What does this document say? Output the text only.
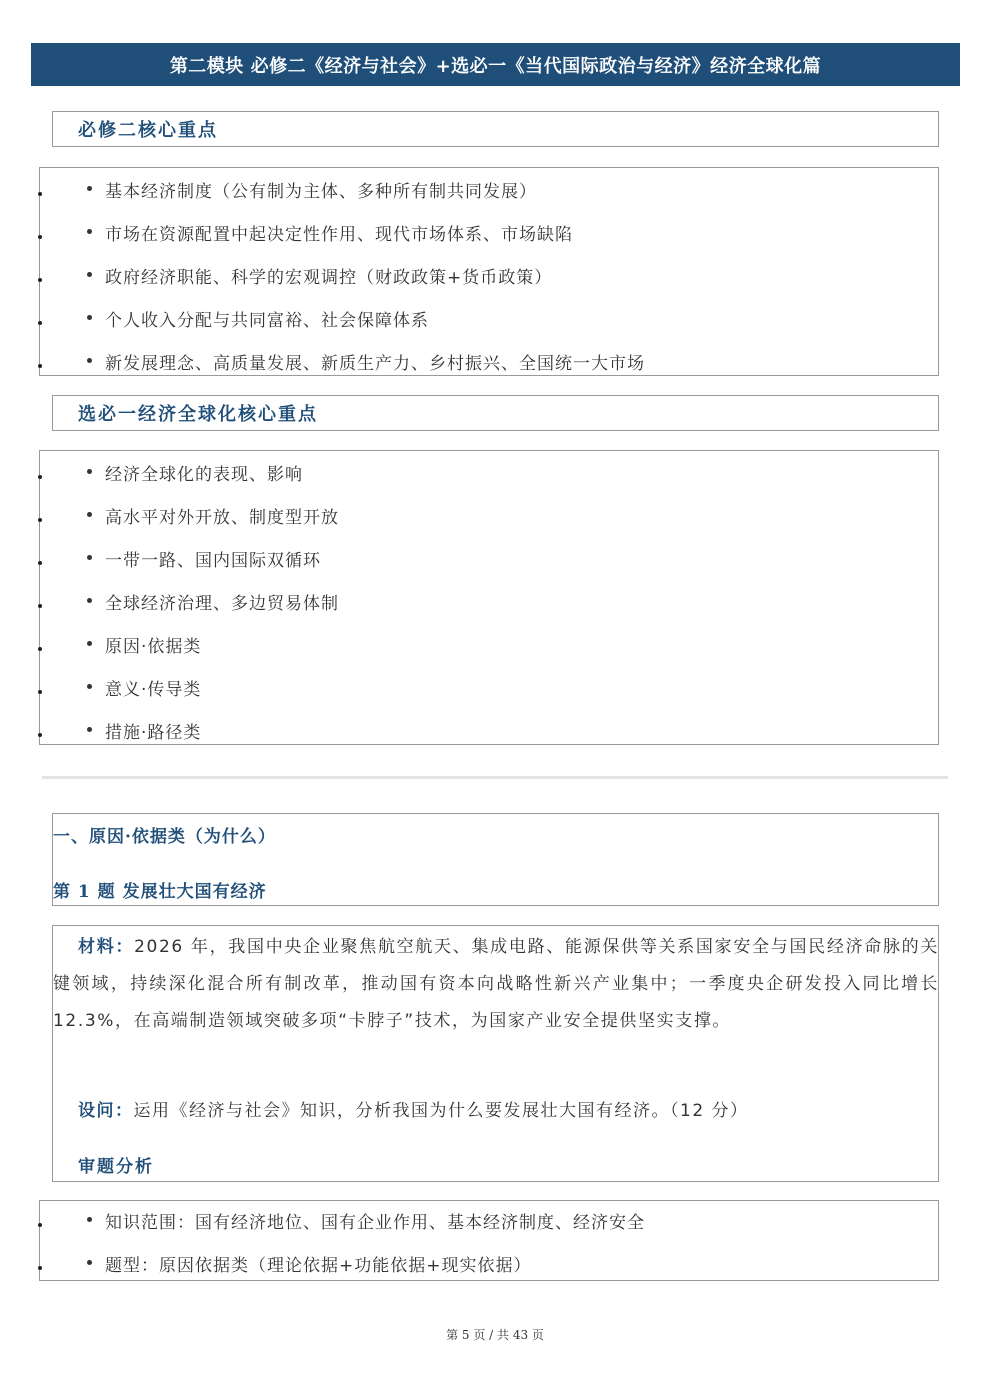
第二模块 必修二《经济与社会》+选必一《当代国际政治与经济》经济全球化篇
必修二核心重点
基本经济制度（公有制为主体、多种所有制共同发展）
市场在资源配置中起决定性作用、现代市场体系、市场缺陷
政府经济职能、科学的宏观调控（财政政策+货币政策）
个人收入分配与共同富裕、社会保障体系
新发展理念、高质量发展、新质生产力、乡村振兴、全国统一大市场
选必一经济全球化核心重点
经济全球化的表现、影响
高水平对外开放、制度型开放
一带一路、国内国际双循环
全球经济治理、多边贸易体制
原因·依据类
意义·传导类
措施·路径类
一、原因·依据类（为什么）
第 1 题 发展壮大国有经济
材料：2026 年，我国中央企业聚焦航空航天、集成电路、能源保供等关系国家安全与国民经济命脉的关键领域，持续深化混合所有制改革，推动国有资本向战略性新兴产业集中；一季度央企研发投入同比增长 12.3%，在高端制造领域突破多项“卡脖子”技术，为国家产业安全提供坚实支撑。
设问：运用《经济与社会》知识，分析我国为什么要发展壮大国有经济。（12 分）
审题分析
知识范围：国有经济地位、国有企业作用、基本经济制度、经济安全
题型：原因依据类（理论依据+功能依据+现实依据）
第 5 页 / 共 43 页
